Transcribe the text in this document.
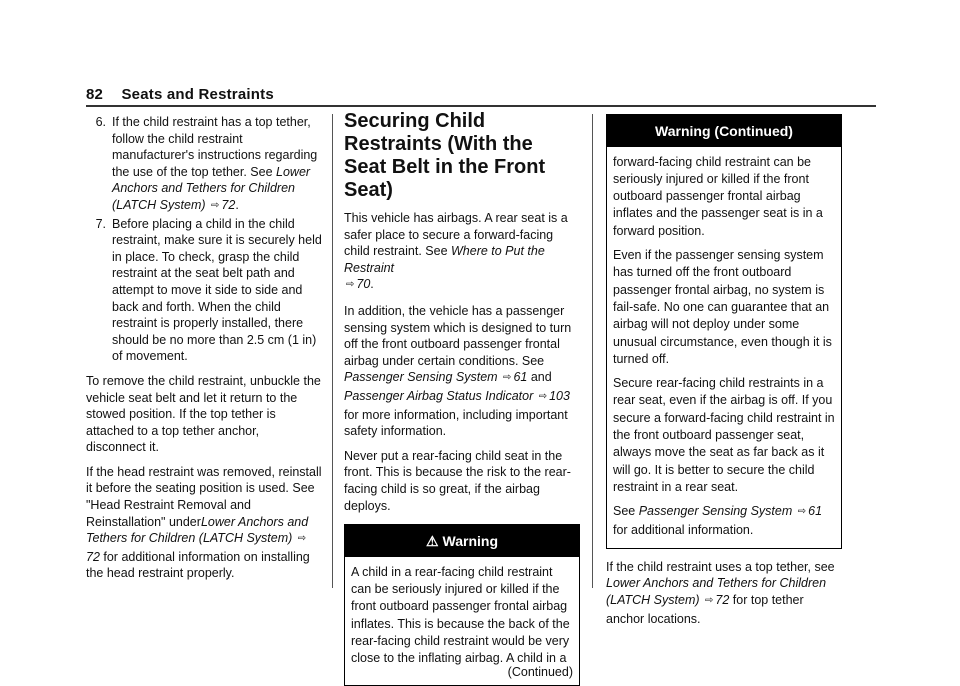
82 Seats and Restraints
6. If the child restraint has a top tether, follow the child restraint manufacturer's instructions regarding the use of the top tether. See Lower Anchors and Tethers for Children (LATCH System) ⇨ 72.
7. Before placing a child in the child restraint, make sure it is securely held in place. To check, grasp the child restraint at the seat belt path and attempt to move it side to side and back and forth. When the child restraint is properly installed, there should be no more than 2.5 cm (1 in) of movement.

To remove the child restraint, unbuckle the vehicle seat belt and let it return to the stowed position. If the top tether is attached to a top tether anchor, disconnect it.

If the head restraint was removed, reinstall it before the seating position is used. See "Head Restraint Removal and Reinstallation" underLower Anchors and Tethers for Children (LATCH System) ⇨72 for additional information on installing the head restraint properly.

Securing Child Restraints (With the Seat Belt in the Front Seat)

This vehicle has airbags. A rear seat is a safer place to secure a forward-facing child restraint. See Where to Put the Restraint
⇨ 70.

In addition, the vehicle has a passenger sensing system which is designed to turn off the front outboard passenger frontal airbag under certain conditions. See Passenger Sensing System ⇨ 61 and
Passenger Airbag Status Indicator ⇨ 103 for more information, including important safety information.

Never put a rear-facing child seat in the front. This is because the risk to the rear-facing child is so great, if the airbag deploys.

⚠ Warning
A child in a rear-facing child restraint can be seriously injured or killed if the front outboard passenger frontal airbag inflates. This is because the back of the rear-facing child restraint would be very close to the inflating airbag. A child in a
(Continued)
Warning (Continued)

forward-facing child restraint can be seriously injured or killed if the front outboard passenger frontal airbag inflates and the passenger seat is in a forward position.

Even if the passenger sensing system has turned off the front outboard passenger frontal airbag, no system is fail-safe. No one can guarantee that an airbag will not deploy under some unusual circumstance, even though it is turned off.

Secure rear-facing child restraints in a rear seat, even if the airbag is off. If you secure a forward-facing child restraint in the front outboard passenger seat, always move the seat as far back as it will go. It is better to secure the child restraint in a rear seat.

See Passenger Sensing System ⇨ 61 for additional information.

If the child restraint uses a top tether, see Lower Anchors and Tethers for Children (LATCH System) ⇨ 72 for top tether anchor locations.
